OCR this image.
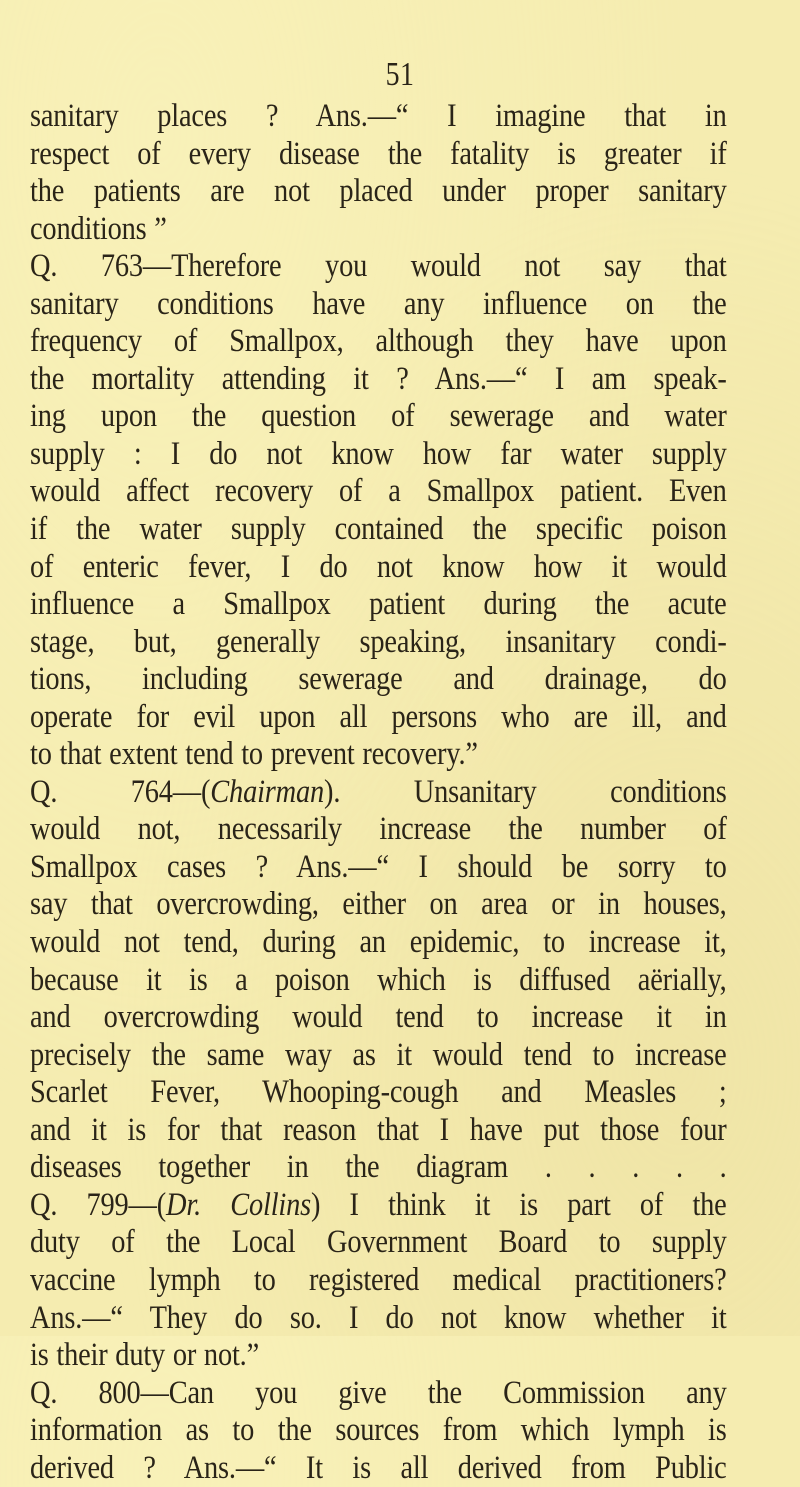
51
sanitary places ? Ans.—“ I imagine that in
respect of every disease the fatality is greater if
the patients are not placed under proper sanitary
conditions ”
Q. 763—Therefore you would not say that
sanitary conditions have any influence on the
frequency of Smallpox, although they have upon
the mortality attending it ? Ans.—“ I am speak-
ing upon the question of sewerage and water
supply : I do not know how far water supply
would affect recovery of a Smallpox patient. Even
if the water supply contained the specific poison
of enteric fever, I do not know how it would
influence a Smallpox patient during the acute
stage, but, generally speaking, insanitary condi-
tions, including sewerage and drainage, do
operate for evil upon all persons who are ill, and
to that extent tend to prevent recovery.”
Q. 764—(Chairman). Unsanitary conditions
would not, necessarily increase the number of
Smallpox cases ? Ans.—“ I should be sorry to
say that overcrowding, either on area or in houses,
would not tend, during an epidemic, to increase it,
because it is a poison which is diffused aërially,
and overcrowding would tend to increase it in
precisely the same way as it would tend to increase
Scarlet Fever, Whooping-cough and Measles ;
and it is for that reason that I have put those four
diseases together in the diagram . . . . .
Q. 799—(Dr. Collins) I think it is part of the
duty of the Local Government Board to supply
vaccine lymph to registered medical practitioners?
Ans.—“ They do so. I do not know whether it
is their duty or not.”
Q. 800—Can you give the Commission any
information as to the sources from which lymph is
derived ? Ans.—“ It is all derived from Public
